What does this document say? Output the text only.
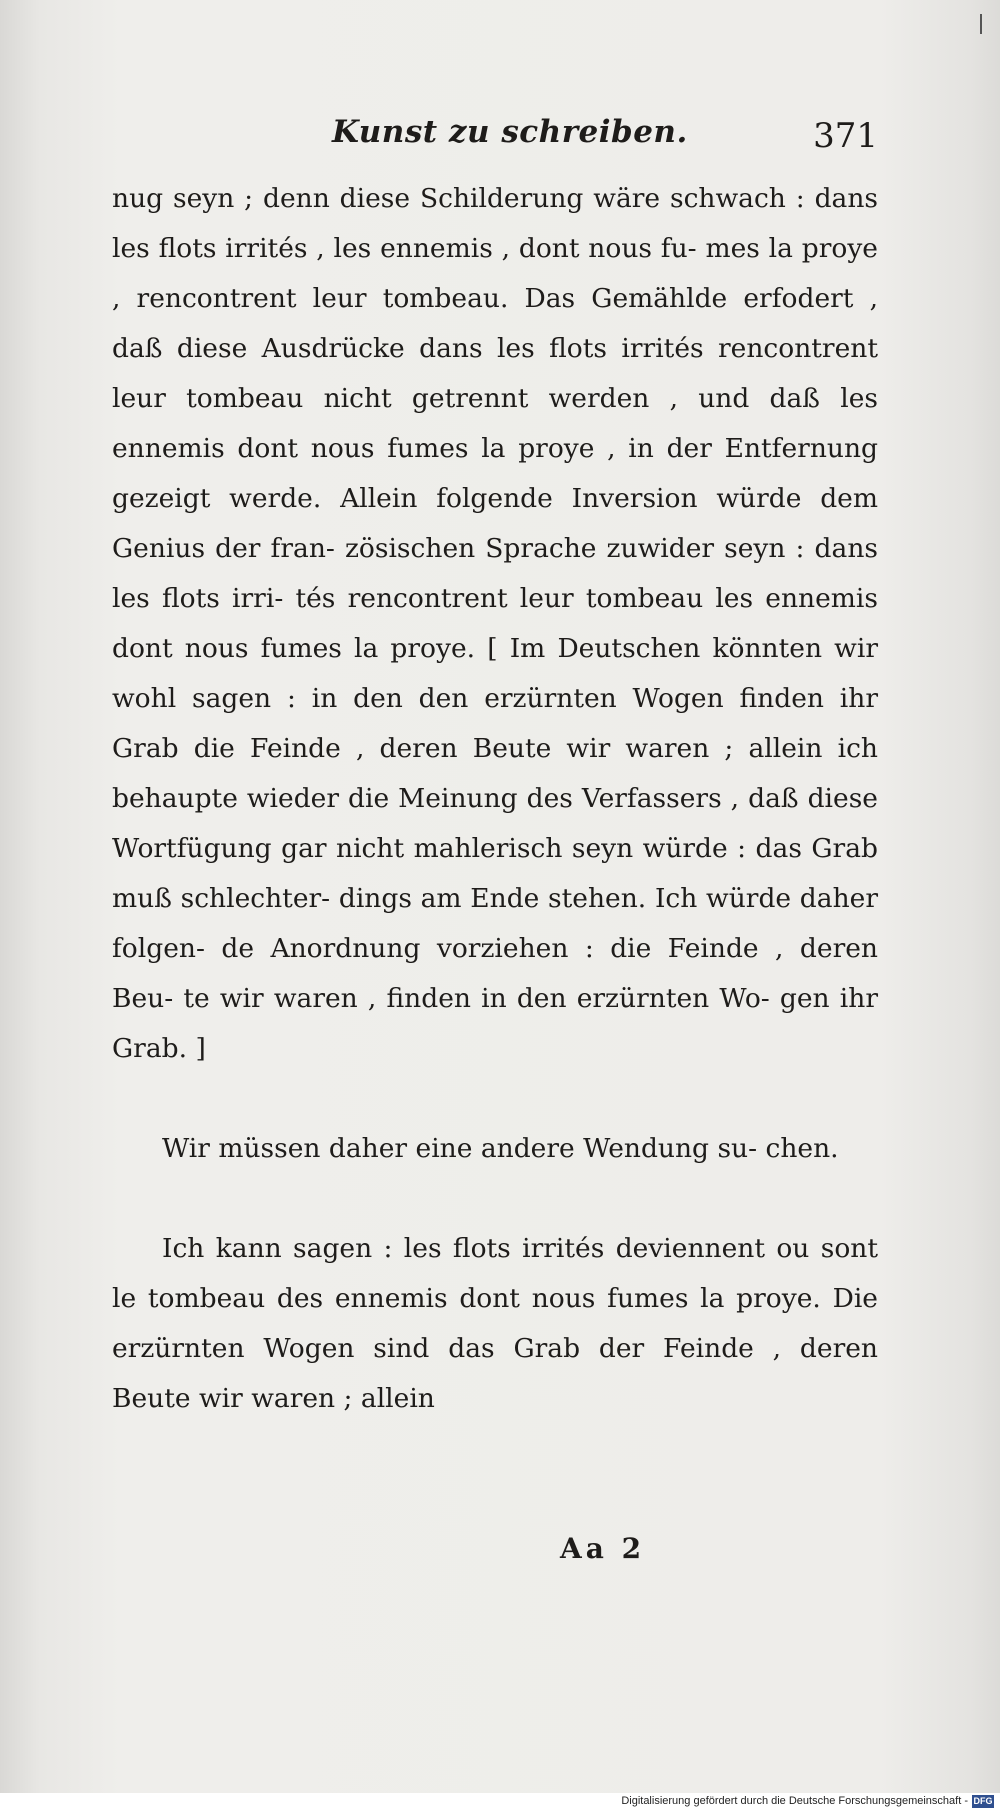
Kunst zu schreiben.	371

nug seyn ; denn diese Schilderung wäre schwach : dans les flots irrités , les ennemis , dont nous fu- mes la proye , rencontrent leur tombeau. Das Gemählde erfodert , daß diese Ausdrücke dans les flots irrités rencontrent leur tombeau nicht getrennt werden , und daß les ennemis dont nous fumes la proye , in der Entfernung gezeigt werde. Allein folgende Inversion würde dem Genius der fran- zösischen Sprache zuwider seyn : dans les flots irri- tés rencontrent leur tombeau les ennemis dont nous fumes la proye. [ Im Deutschen könnten wir wohl sagen : in den den erzürnten Wogen finden ihr Grab die Feinde , deren Beute wir waren ; allein ich behaupte wieder die Meinung des Verfassers , daß diese Wortfügung gar nicht mahlerisch seyn würde : das Grab muß schlechter- dings am Ende stehen. Ich würde daher folgen- de Anordnung vorziehen : die Feinde , deren Beu- te wir waren , finden in den erzürnten Wo- gen ihr Grab. ]

Wir müssen daher eine andere Wendung su- chen.

Ich kann sagen : les flots irrités deviennent ou sont le tombeau des ennemis dont nous fumes la proye. Die erzürnten Wogen sind das Grab der Feinde , deren Beute wir waren ; allein

Aa 2
Digitalisierung gefördert durch die Deutsche Forschungsgemeinschaft - DFG
